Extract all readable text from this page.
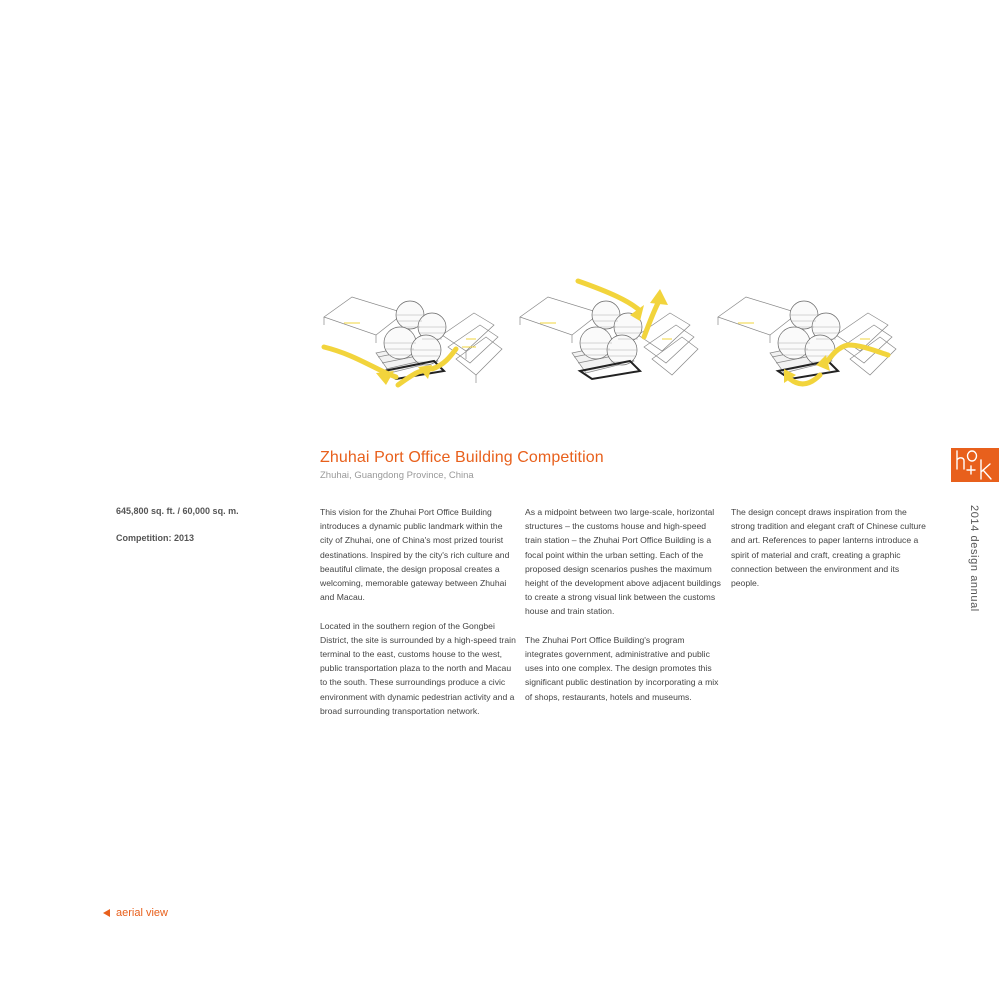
Zhuhai Port Office Building Competition
Zhuhai, Guangdong Province, China
645,800 sq. ft. / 60,000 sq. m.
Competition: 2013

This vision for the Zhuhai Port Office Building introduces a dynamic public landmark within the city of Zhuhai, one of China's most prized tourist destinations. Inspired by the city's rich culture and beautiful climate, the design proposal creates a welcoming, memorable gateway between Zhuhai and Macau.

Located in the southern region of the Gongbei District, the site is surrounded by a high-speed train terminal to the east, customs house to the west, public transportation plaza to the north and Macau to the south. These surroundings produce a civic environment with dynamic pedestrian activity and a broad surrounding transportation network.

As a midpoint between two large-scale, horizontal structures – the customs house and high-speed train station – the Zhuhai Port Office Building is a focal point within the urban setting. Each of the proposed design scenarios pushes the maximum height of the development above adjacent buildings to create a strong visual link between the customs house and train station.

The Zhuhai Port Office Building's program integrates government, administrative and public uses into one complex. The design promotes this significant public destination by incorporating a mix of shops, restaurants, hotels and museums.

The design concept draws inspiration from the strong tradition and elegant craft of Chinese culture and art. References to paper lanterns introduce a spirit of material and craft, creating a graphic connection between the environment and its people.	2014 design annual
aerial view
